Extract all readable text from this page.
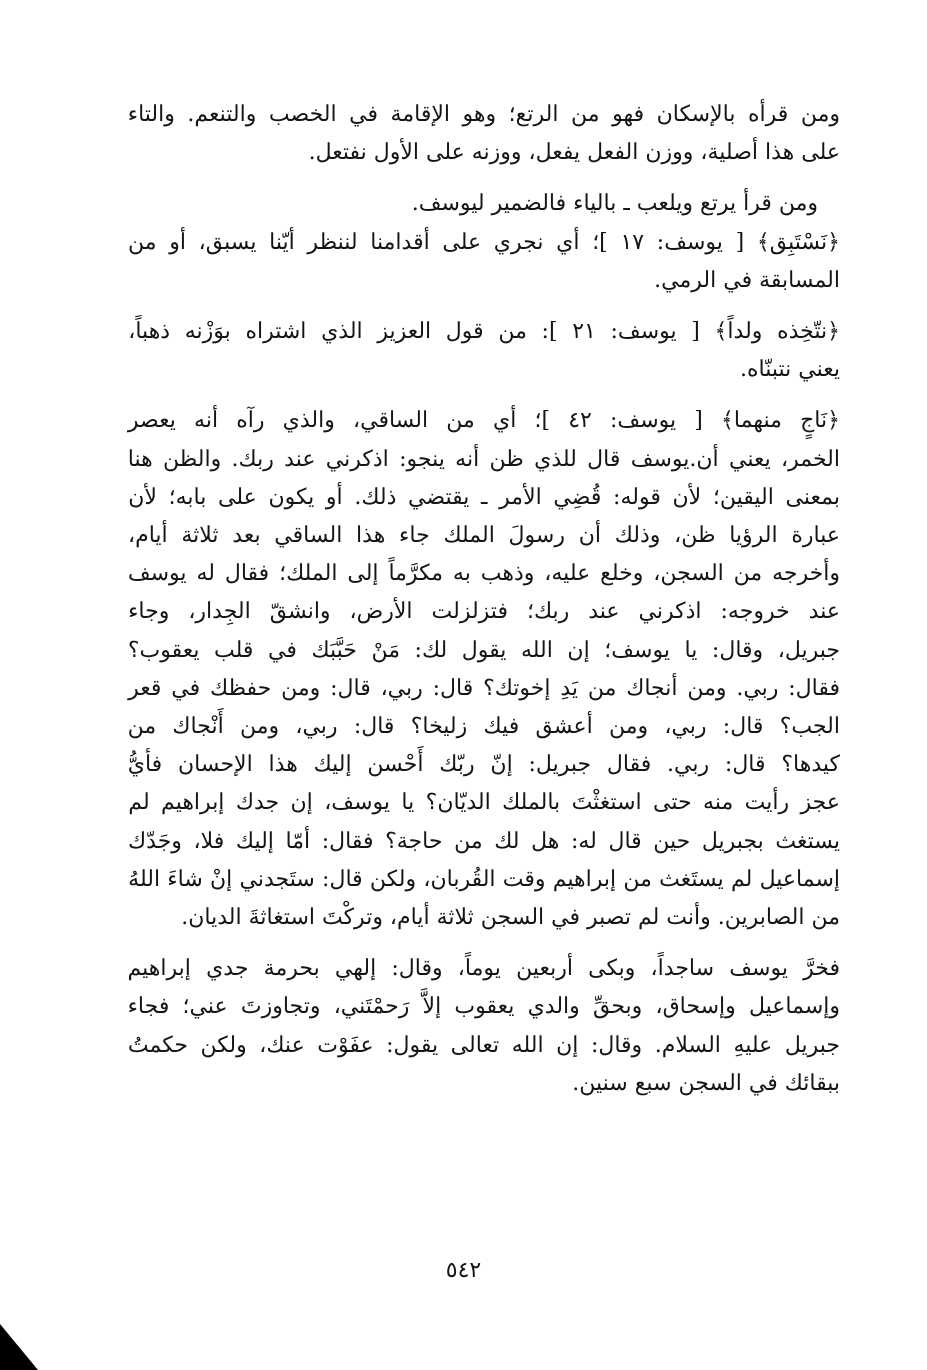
ومن قرأه بالإسكان فهو من الرتع؛ وهو الإقامة في الخصب والتنعم. والتاء
على هذا أصلية، ووزن الفعل يفعل، ووزنه على الأول نفتعل.

ومن قرأ يرتع ويلعب ـ بالياء فالضمير ليوسف.

﴿نَسْتَبِق﴾ [ يوسف: ١٧ ]؛ أي نجري على أقدامنا لننظر أيّنا يسبق، أو من
المسابقة في الرمي.

﴿نتّخِذه ولداً﴾ [ يوسف: ٢١ ]: من قول العزيز الذي اشتراه بوَزْنه ذهباً،
يعني نتبنّاه.

﴿نَاجٍ منهما﴾ [ يوسف: ٤٢ ]؛ أي من الساقي، والذي رآه أنه يعصر
الخمر، يعني أن.يوسف قال للذي ظن أنه ينجو: اذكرني عند ربك. والظن هنا
بمعنى اليقين؛ لأن قوله: قُضِي الأمر ـ يقتضي ذلك. أو يكون على بابه؛ لأن
عبارة الرؤيا ظن، وذلك أن رسولَ الملك جاء هذا الساقي بعد ثلاثة أيام،
وأخرجه من السجن، وخلع عليه، وذهب به مكرَّماً إلى الملك؛ فقال له يوسف
عند خروجه: اذكرني عند ربك؛ فتزلزلت الأرض، وانشقّ الجِدار، وجاء
جبريل، وقال: يا يوسف؛ إن الله يقول لك: مَنْ حَبَّبَك في قلب يعقوب؟
فقال: ربي. ومن أنجاك من يَدِ إخوتك؟ قال: ربي، قال: ومن حفظك في قعر
الجب؟ قال: ربي، ومن أعشق فيك زليخا؟ قال: ربي، ومن أَنْجاك من
كيدها؟ قال: ربي. فقال جبريل: إنّ ربّك أَحْسن إليك هذا الإحسان فأيُّ
عجز رأيت منه حتى استغثْتَ بالملك الديّان؟ يا يوسف، إن جدك إبراهيم لم
يستغث بجبريل حين قال له: هل لك من حاجة؟ فقال: أمّا إليك فلا، وجَدّك
إسماعيل لم يستَغث من إبراهيم وقت القُربان، ولكن قال: ستَجدني إنْ شاءَ اللهُ
من الصابرين. وأنت لم تصبر في السجن ثلاثة أيام، وتركْتَ استغاثةَ الديان.

فخرَّ يوسف ساجداً، وبكى أربعين يوماً، وقال: إلهي بحرمة جدي إبراهيم
وإسماعيل وإسحاق، وبحقِّ والدي يعقوب إلاَّ رَحمْتَني، وتجاوزتَ عني؛ فجاء
جبريل عليهِ السلام. وقال: إن الله تعالى يقول: عفَوْت عنك، ولكن حكمتُ
ببقائك في السجن سبع سنين.

٥٤٢
